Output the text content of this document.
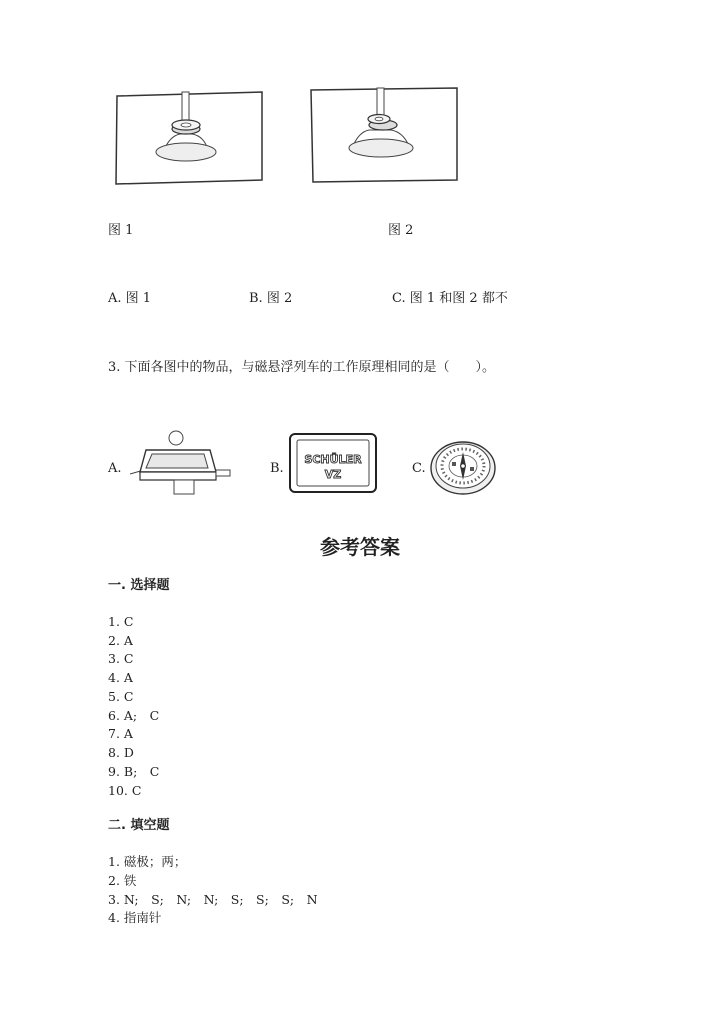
图 1	图 2
A. 图 1	B. 图 2	C. 图 1 和图 2 都不
3. 下面各图中的物品，与磁悬浮列车的工作原理相同的是（　　）。
A.	B.
SCHÜLER
VZ	C.
参考答案
一. 选择题
1. C
2. A
3. C
4. A
5. C
6. A;　C
7. A
8. D
9. B;　C
10. C
二. 填空题
1. 磁极；两；
2. 铁
3. N;　S;　N;　N;　S;　S;　S;　N
4. 指南针
